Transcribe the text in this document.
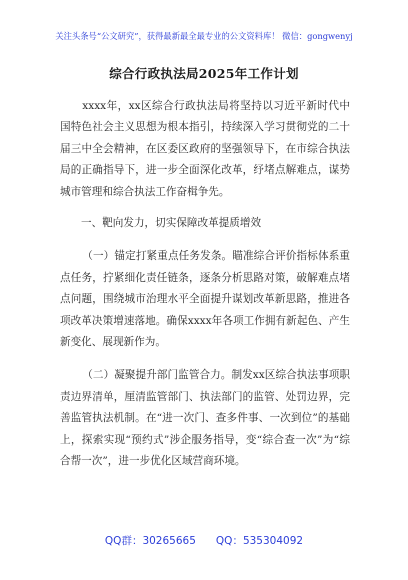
关注头条号“公文研究”，获得最新最全最专业的公文资料库！ 微信：gongwenyj
综合行政执法局2025年工作计划

xxxx年，xx区综合行政执法局将坚持以习近平新时代中国特色社会主义思想为根本指引，持续深入学习贯彻党的二十届三中全会精神，在区委区政府的坚强领导下，在市综合执法局的正确指导下，进一步全面深化改革，纾堵点解难点，谋势城市管理和综合执法工作奋楫争先。

一、靶向发力，切实保障改革提质增效

（一）锚定打紧重点任务发条。瞄准综合评价指标体系重点任务，拧紧细化责任链条，逐条分析思路对策，破解难点堵点问题，围绕城市治理水平全面提升谋划改革新思路，推进各项改革决策增速落地。确保xxxx年各项工作拥有新起色、产生新变化、展现新作为。

（二）凝聚提升部门监管合力。制发xx区综合执法事项职责边界清单，厘清监管部门、执法部门的监管、处罚边界，完善监管执法机制。在“进一次门、查多件事、一次到位”的基础上，探索实现“预约式”涉企服务指导，变“综合查一次”为“综合帮一次”，进一步优化区域营商环境。

QQ群：30265665      QQ：535304092
